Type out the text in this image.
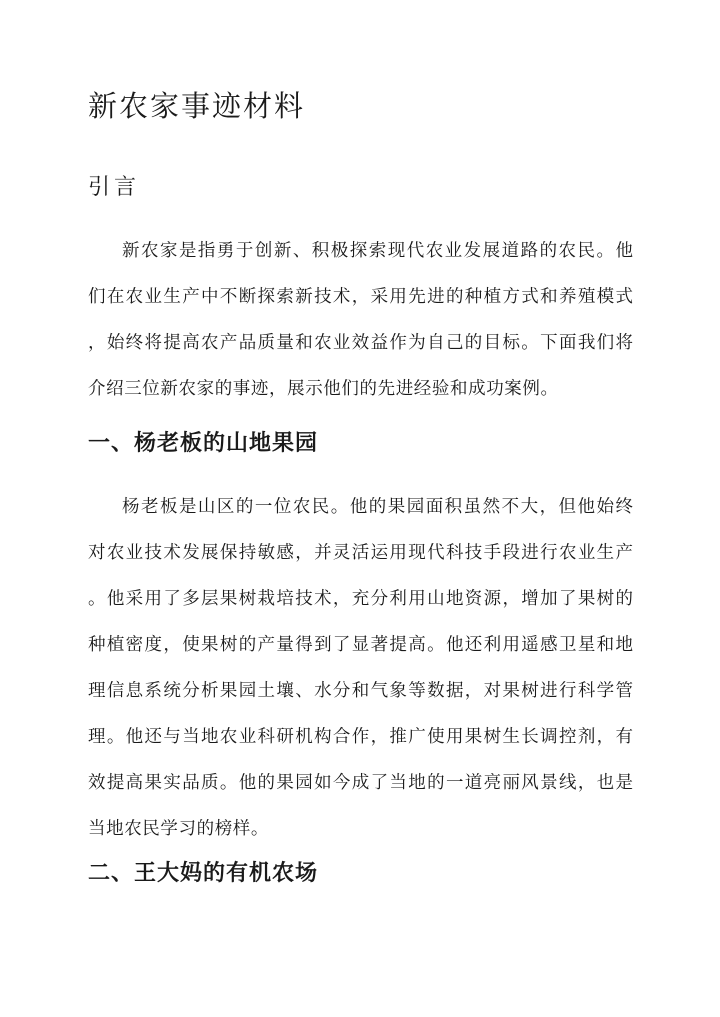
新农家事迹材料
引言
新农家是指勇于创新、积极探索现代农业发展道路的农民。他
们在农业生产中不断探索新技术，采用先进的种植方式和养殖模式
，始终将提高农产品质量和农业效益作为自己的目标。下面我们将
介绍三位新农家的事迹，展示他们的先进经验和成功案例。
一、杨老板的山地果园
杨老板是山区的一位农民。他的果园面积虽然不大，但他始终
对农业技术发展保持敏感，并灵活运用现代科技手段进行农业生产
。他采用了多层果树栽培技术，充分利用山地资源，增加了果树的
种植密度，使果树的产量得到了显著提高。他还利用遥感卫星和地
理信息系统分析果园土壤、水分和气象等数据，对果树进行科学管
理。他还与当地农业科研机构合作，推广使用果树生长调控剂，有
效提高果实品质。他的果园如今成了当地的一道亮丽风景线，也是
当地农民学习的榜样。
二、王大妈的有机农场
